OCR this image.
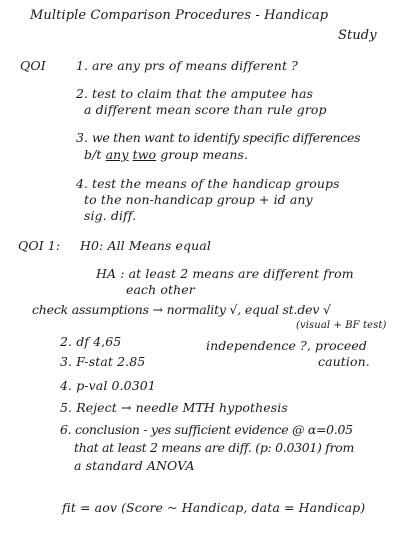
Multiple Comparison Procedures - Handicap
Study
QOI 1. are any prs of means different ?
2. test to claim that the amputee has
a different mean score than rule grop
3. we then want to identify specific differences
b/t any two group means.
4. test the means of the handicap groups
to the non-handicap group + id any
sig. diff.
QOI 1: H0: All Means equal
HA : at least 2 means are different from
each other
check assumptions → normality √, equal st.dev √
(visual + BF test)
2. df 4,65	independence ?, proceed
caution.
3. F-stat 2.85
4. p-val 0.0301
5. Reject → needle MTH hypothesis
6. conclusion - yes sufficient evidence @ α=0.05
that at least 2 means are diff. (p: 0.0301) from
a standard ANOVA
fit = aov (Score ~ Handicap, data = Handicap)
